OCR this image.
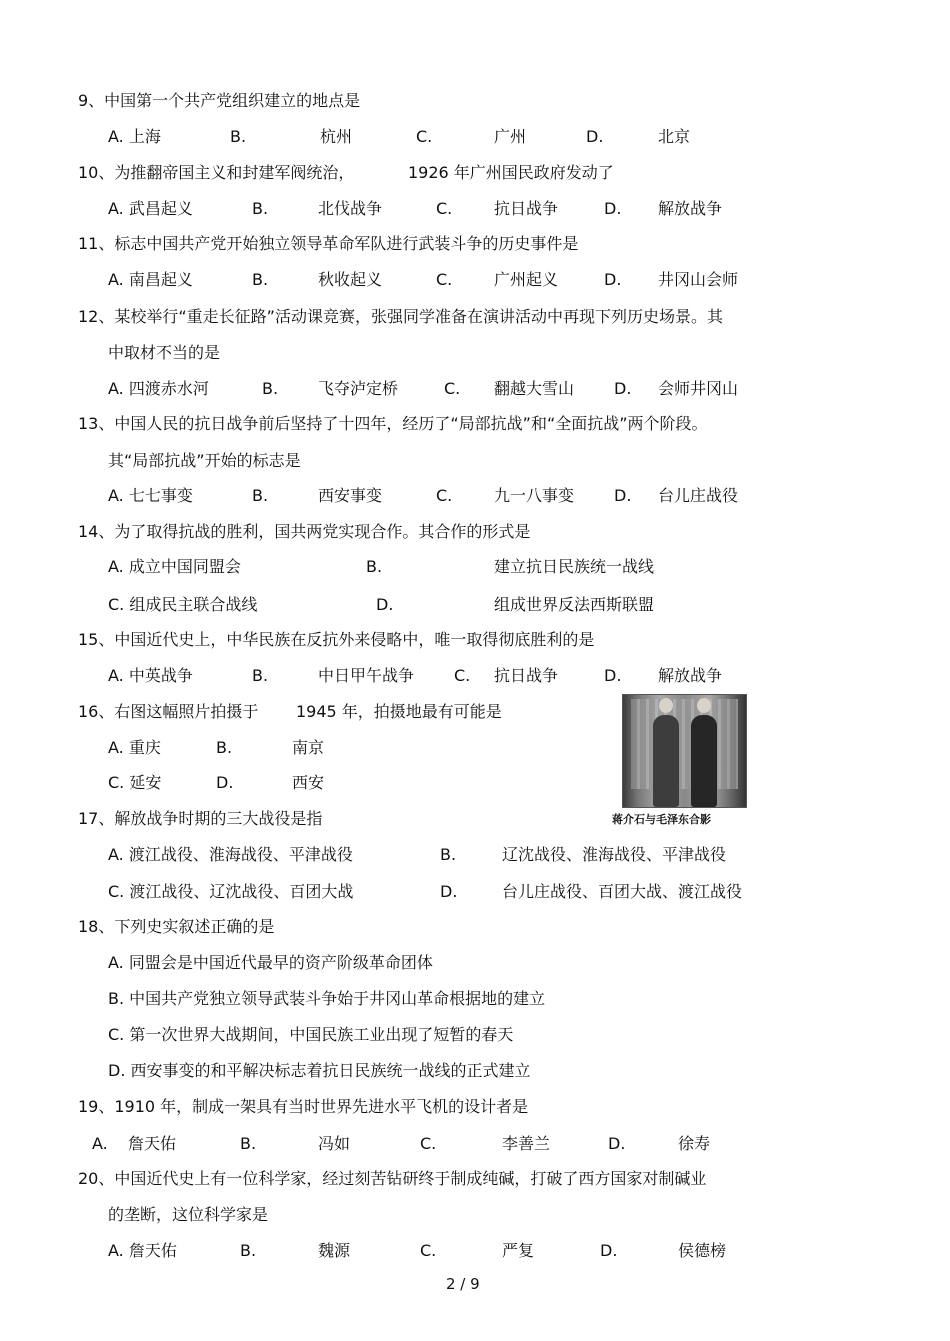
9、中国第一个共产党组织建立的地点是
A. 上海	B.	杭州	C.	广州	D.	北京
10、为推翻帝国主义和封建军阀统治，	1926 年广州国民政府发动了
A. 武昌起义	B.	北伐战争	C.	抗日战争	D. 解放战争
11、标志中国共产党开始独立领导革命军队进行武装斗争的历史事件是
A. 南昌起义	B.	秋收起义	C.	广州起义	D. 井冈山会师
12、某校举行“重走长征路”活动课竞赛，张强同学准备在演讲活动中再现下列历史场景。其
中取材不当的是
A. 四渡赤水河	B. 飞夺泸定桥	C. 翻越大雪山 D. 会师井冈山
13、中国人民的抗日战争前后坚持了十四年，经历了“局部抗战”和“全面抗战”两个阶段。
其“局部抗战”开始的标志是
A. 七七事变	B.	西安事变	C.	九一八事变 D. 台儿庄战役
14、为了取得抗战的胜利，国共两党实现合作。其合作的形式是
A. 成立中国同盟会	B.	建立抗日民族统一战线
C. 组成民主联合战线	D.	组成世界反法西斯联盟
15、中国近代史上，中华民族在反抗外来侵略中，唯一取得彻底胜利的是
A. 中英战争	B.	中日甲午战争 C. 抗日战争	D. 解放战争
16、右图这幅照片拍摄于 1945 年，拍摄地最有可能是
A. 重庆	B.	南京
C. 延安	D.	西安
蒋介石与毛泽东合影
17、解放战争时期的三大战役是指
A. 渡江战役、淮海战役、平津战役	B.	辽沈战役、淮海战役、平津战役
C. 渡江战役、辽沈战役、百团大战	D.	台儿庄战役、百团大战、渡江战役
18、下列史实叙述正确的是
A. 同盟会是中国近代最早的资产阶级革命团体
B. 中国共产党独立领导武装斗争始于井冈山革命根据地的建立
C. 第一次世界大战期间，中国民族工业出现了短暂的春天
D. 西安事变的和平解决标志着抗日民族统一战线的正式建立
19、1910 年，制成一架具有当时世界先进水平飞机的设计者是
A. 詹天佑	B.	冯如	C.	李善兰	D.	徐寿
20、中国近代史上有一位科学家，经过刻苦钻研终于制成纯碱，打破了西方国家对制碱业
的垄断，这位科学家是
A. 詹天佑	B.	魏源	C.	严复	D.	侯德榜
2 / 9
